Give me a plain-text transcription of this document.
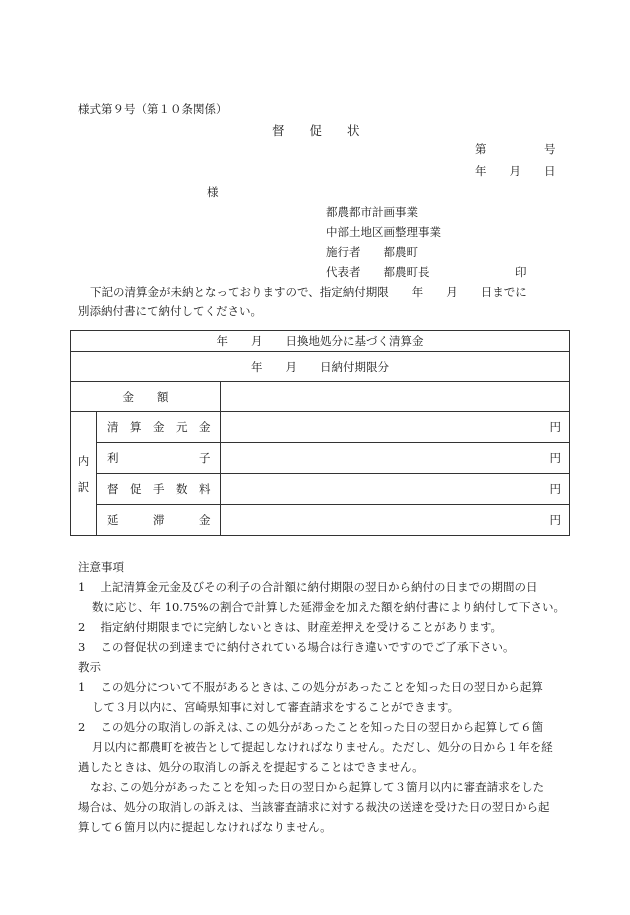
様式第９号（第１０条関係）
督　　促　　状
第　　　　　号
年　　月　　日
様
都農都市計画事業
中部土地区画整理事業
施行者　　都農町
代表者　　都農町長	印
下記の清算金が未納となっておりますので、指定納付期限　　年　　月　　日までに
別添納付書にて納付してください。
年　　月　　日換地処分に基づく清算金		
年　　月　　日納付期限分		
金　　額		
内
訳	清　算　金　元　金	円
	利　　　　　　　子	円
	督　促　手　数　料	円
	延　　　滞　　　金	円
注意事項
1　 上記清算金元金及びその利子の合計額に納付期限の翌日から納付の日までの期間の日
数に応じ、年 10.75%の割合で計算した延滞金を加えた額を納付書により納付して下さい。
2　 指定納付期限までに完納しないときは、財産差押えを受けることがあります。
3　 この督促状の到達までに納付されている場合は行き違いですのでご了承下さい。
教示
1　 この処分について不服があるときは､この処分があったことを知った日の翌日から起算
して３月以内に、宮崎県知事に対して審査請求をすることができます。
2　 この処分の取消しの訴えは､この処分があったことを知った日の翌日から起算して６箇
月以内に都農町を被告として提起しなければなりません。ただし、処分の日から１年を経
過したときは、処分の取消しの訴えを提起することはできません。
なお､この処分があったことを知った日の翌日から起算して３箇月以内に審査請求をした
場合は、処分の取消しの訴えは、当該審査請求に対する裁決の送達を受けた日の翌日から起
算して６箇月以内に提起しなければなりません。
